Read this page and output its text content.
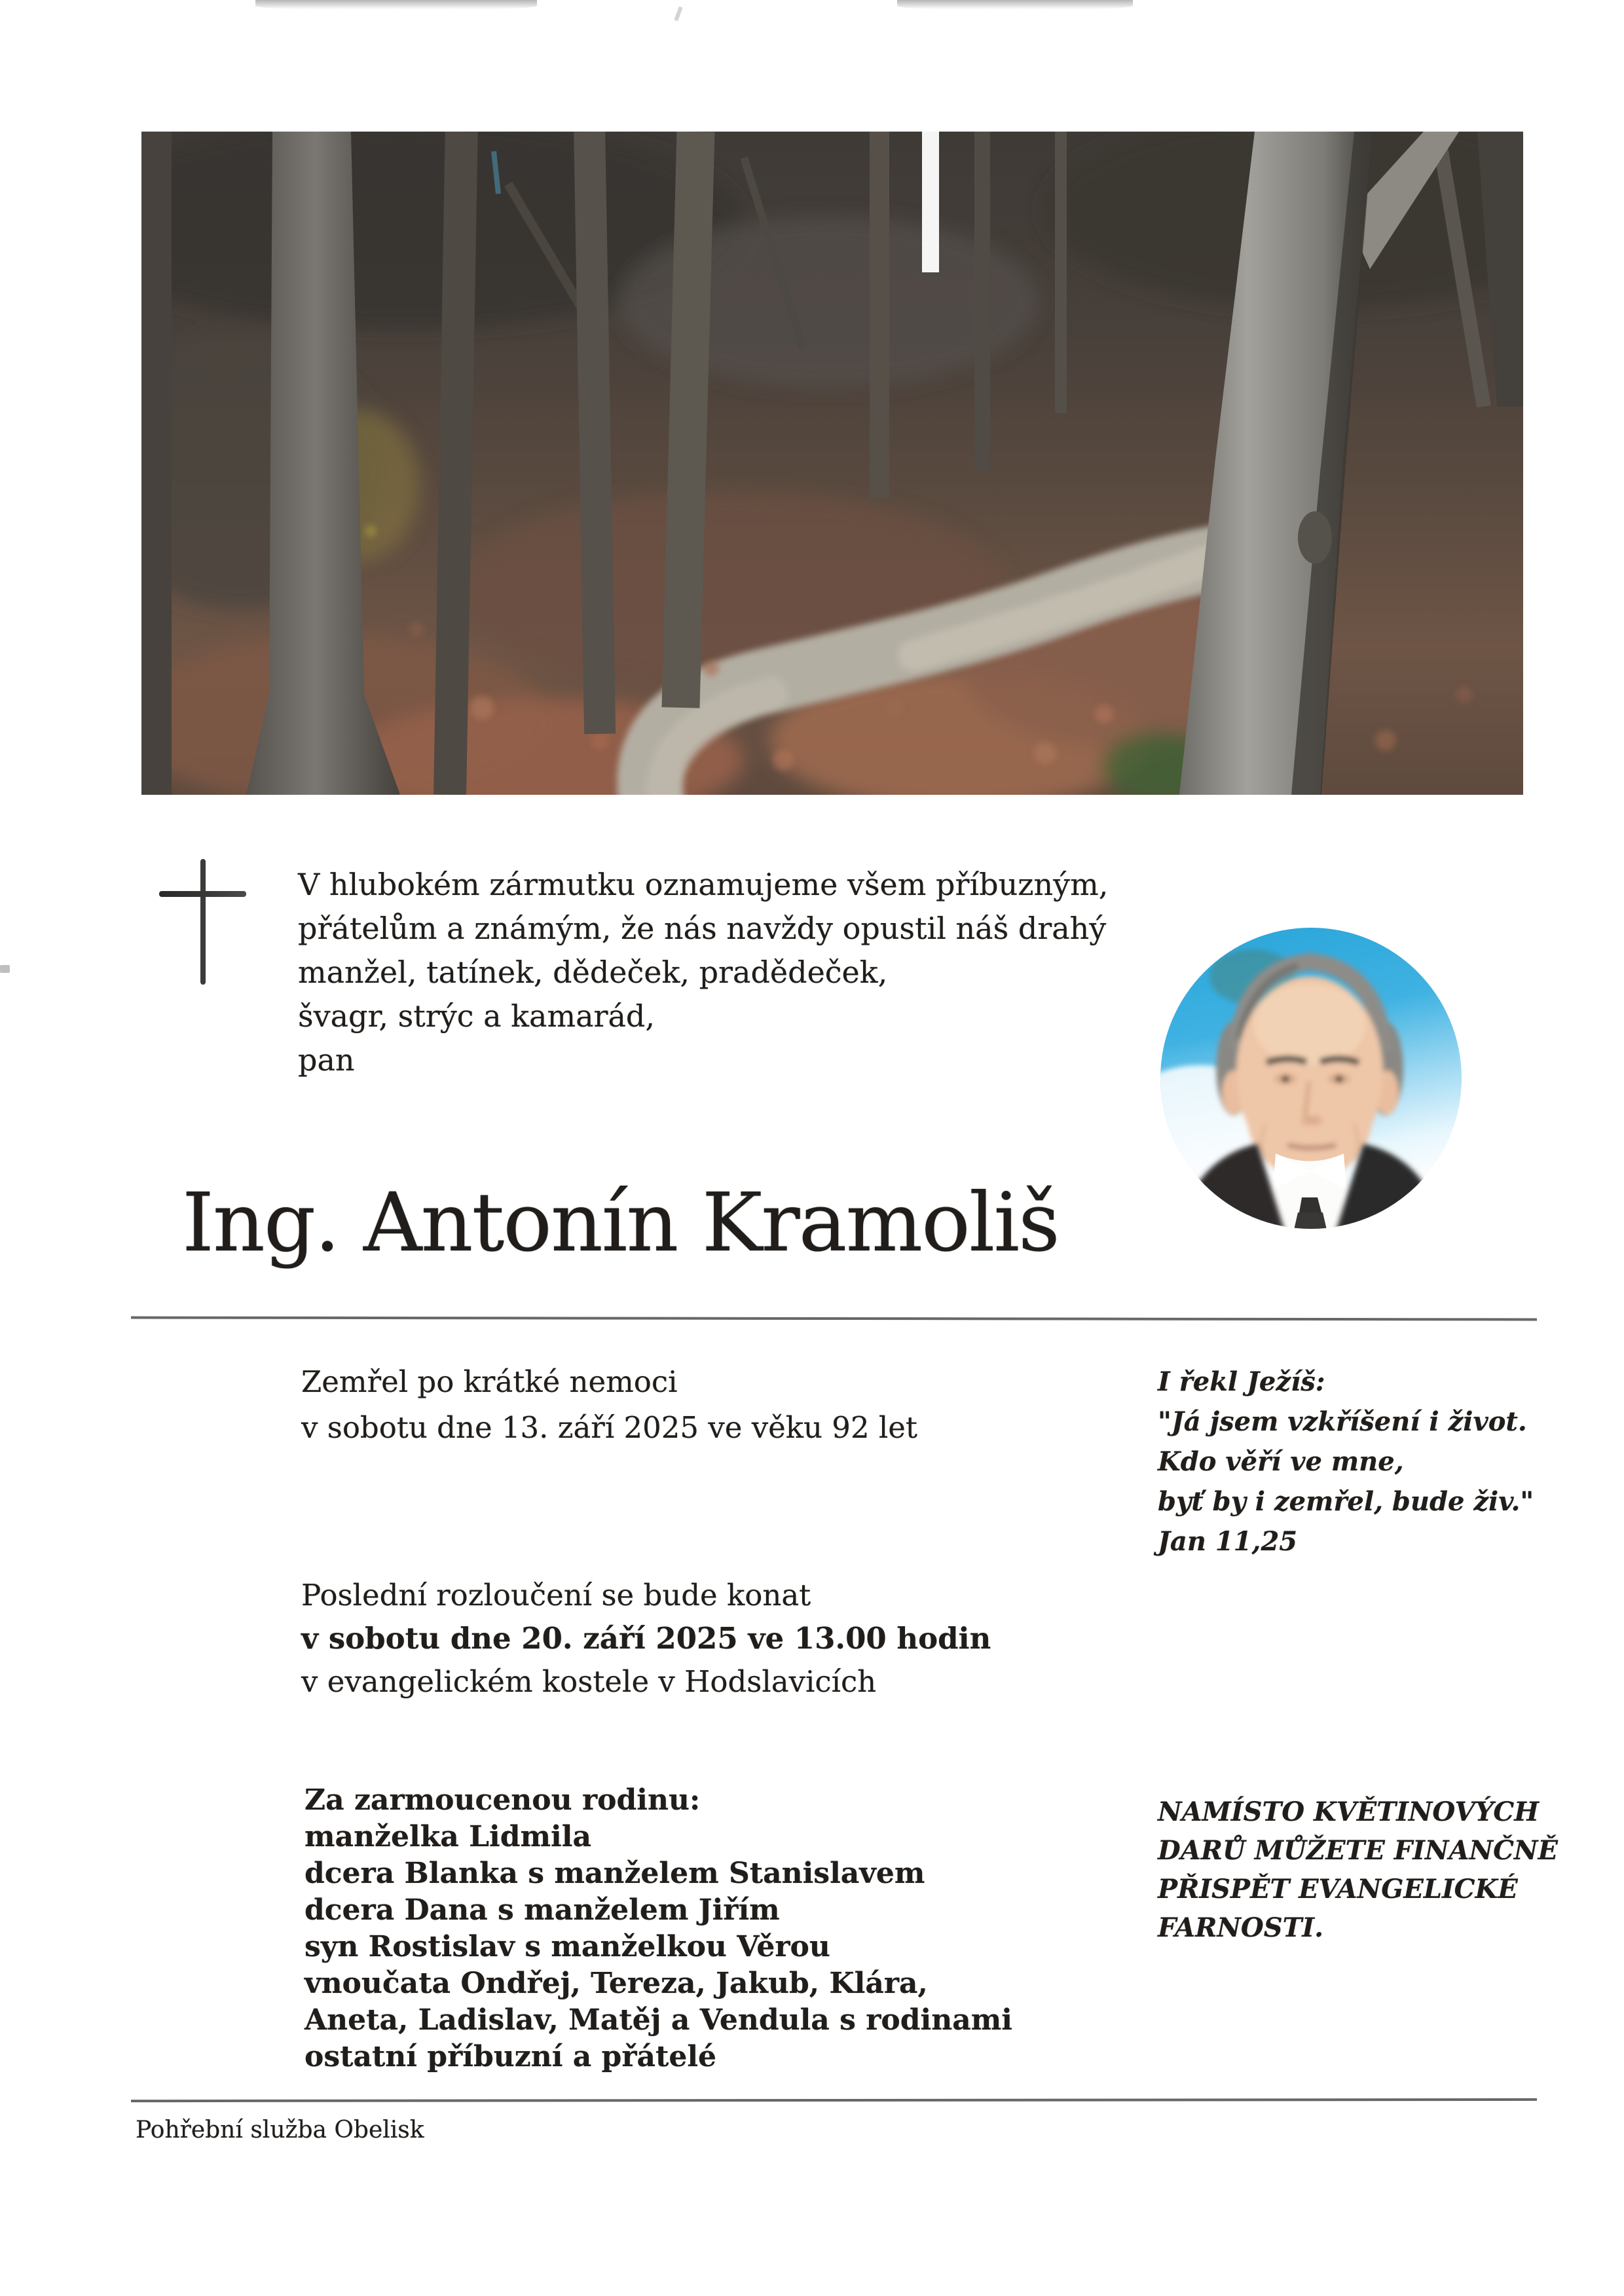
V hlubokém zármutku oznamujeme všem příbuzným,
přátelům a známým, že nás navždy opustil náš drahý
manžel, tatínek, dědeček, pradědeček,
švagr, strýc a kamarád,
pan
Ing. Antonín Kramoliš
Zemřel po krátké nemoci
v sobotu dne 13. září 2025 ve věku 92 let
I řekl Ježíš:
"Já jsem vzkříšení i život.
Kdo věří ve mne,
byť by i zemřel, bude živ."
Jan 11,25
Poslední rozloučení se bude konat
v sobotu dne 20. září 2025 ve 13.00 hodin
v evangelickém kostele v Hodslavicích
Za zarmoucenou rodinu:
manželka Lidmila
dcera Blanka s manželem Stanislavem
dcera Dana s manželem Jiřím
syn Rostislav s manželkou Věrou
vnoučata Ondřej, Tereza, Jakub, Klára,
Aneta, Ladislav, Matěj a Vendula s rodinami
ostatní příbuzní a přátelé
NAMÍSTO KVĚTINOVÝCH
DARŮ MŮŽETE FINANČNĚ
PŘISPĚT EVANGELICKÉ
FARNOSTI.
Pohřební služba Obelisk
